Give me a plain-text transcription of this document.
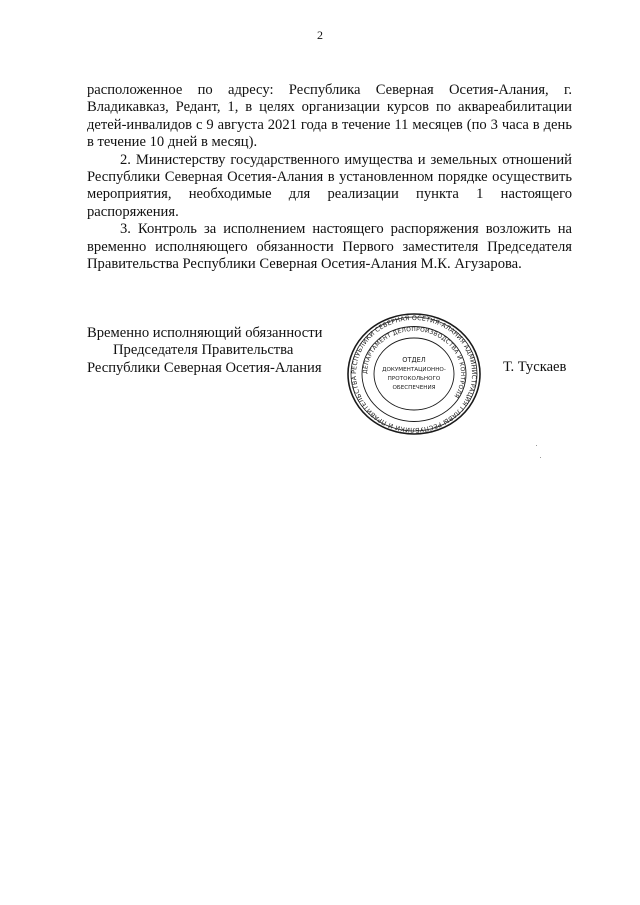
2

расположенное по адресу: Республика Северная Осетия-Алания, г. Владикавказ, Редант, 1, в целях организации курсов по аквареабилитации детей-инвалидов с 9 августа 2021 года в течение 11 месяцев (по 3 часа в день в течение 10 дней в месяц).

2. Министерству государственного имущества и земельных отношений Республики Северная Осетия-Алания в установленном порядке осуществить мероприятия, необходимые для реализации пункта 1 настоящего распоряжения.

3. Контроль за исполнением настоящего распоряжения возложить на временно исполняющего обязанности Первого заместителя Председателя Правительства Республики Северная Осетия-Алания М.К. Агузарова.

Временно исполняющий обязанности
Председателя Правительства
Республики Северная Осетия-Алания	РЕСПУБЛИКИ СЕВЕРНАЯ ОСЕТИЯ-АЛАНИЯ АДМИНИСТРАЦИЯ ГЛАВЫ РЕСПУБЛИКИ И ПРАВИТЕЛЬСТВА
ДЕПАРТАМЕНТ ДЕЛОПРОИЗВОДСТВА И КОНТРОЛЯ
ОТДЕЛ
ДОКУМЕНТАЦИОННО-
ПРОТОКОЛЬНОГО
ОБЕСПЕЧЕНИЯ
Т. Тускаев
